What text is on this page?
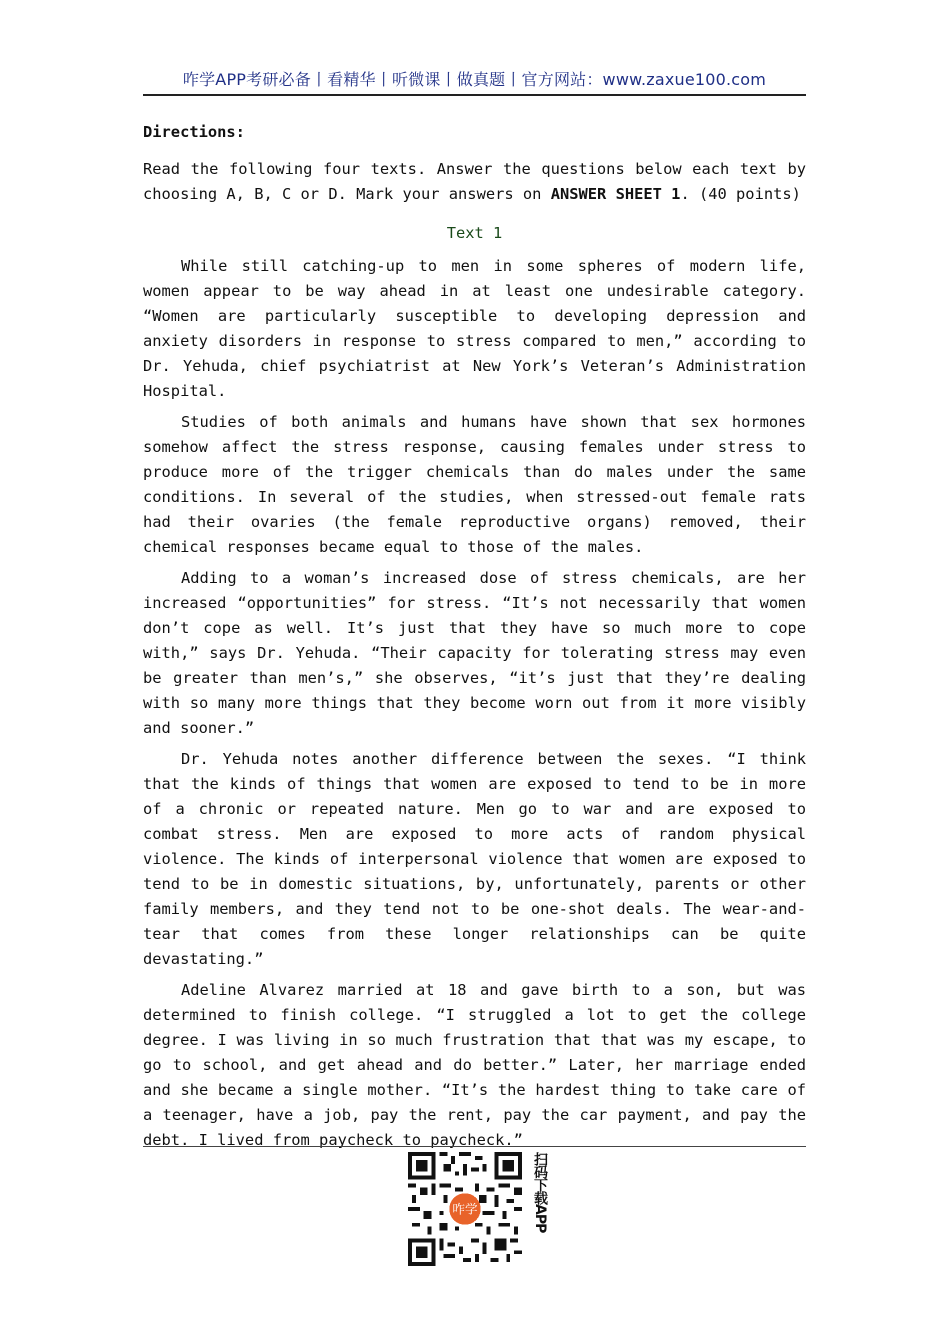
咋学APP考研必备丨看精华丨听微课丨做真题丨官方网站：www.zaxue100.com
Directions:
Read the following four texts. Answer the questions below each text by choosing A, B, C or D. Mark your answers on ANSWER SHEET 1. (40 points)
Text 1

While still catching-up to men in some spheres of modern life, women appear to be way ahead in at least one undesirable category. “Women are particularly susceptible to developing depression and anxiety disorders in response to stress compared to men,” according to Dr. Yehuda, chief psychiatrist at New York’s Veteran’s Administration Hospital.

Studies of both animals and humans have shown that sex hormones somehow affect the stress response, causing females under stress to produce more of the trigger chemicals than do males under the same conditions. In several of the studies, when stressed-out female rats had their ovaries (the female reproductive organs) removed, their chemical responses became equal to those of the males.

Adding to a woman’s increased dose of stress chemicals, are her increased “opportunities” for stress. “It’s not necessarily that women don’t cope as well. It’s just that they have so much more to cope with,” says Dr. Yehuda. “Their capacity for tolerating stress may even be greater than men’s,” she observes, “it’s just that they’re dealing with so many more things that they become worn out from it more visibly and sooner.”

Dr. Yehuda notes another difference between the sexes. “I think that the kinds of things that women are exposed to tend to be in more of a chronic or repeated nature. Men go to war and are exposed to combat stress. Men are exposed to more acts of random physical violence. The kinds of interpersonal violence that women are exposed to tend to be in domestic situations, by, unfortunately, parents or other family members, and they tend not to be one-shot deals. The wear-and-tear that comes from these longer relationships can be quite devastating.”

Adeline Alvarez married at 18 and gave birth to a son, but was determined to finish college. “I struggled a lot to get the college degree. I was living in so much frustration that that was my escape, to go to school, and get ahead and do better.” Later, her marriage ended and she became a single mother. “It’s the hardest thing to take care of a teenager, have a job, pay the rent, pay the car payment, and pay the debt. I lived from paycheck to paycheck.”

咋学	扫码下载APP
